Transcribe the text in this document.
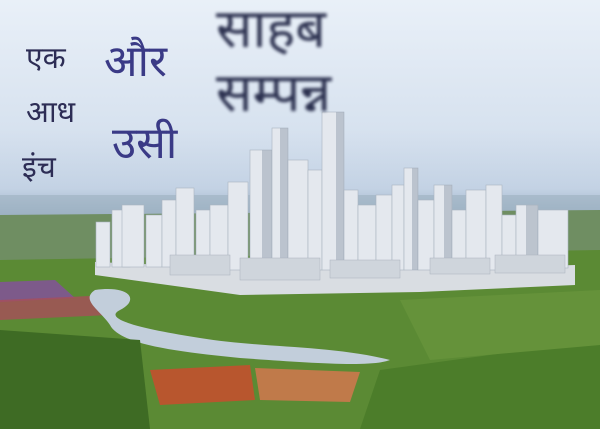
एक

आध

इंच

और

उसी

साहब

सम्पन्न
